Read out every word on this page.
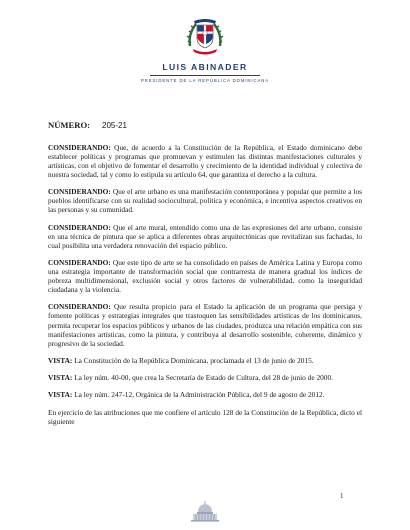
LUIS ABINADER
PRESIDENTE DE LA REPÚBLICA DOMINICANA
NÚMERO: 205-21

CONSIDERANDO: Que, de acuerdo a la Constitución de la República, el Estado dominicano debe establecer políticas y programas que promuevan y estimulen las distintas manifestaciones culturales y artísticas, con el objetivo de fomentar el desarrollo y crecimiento de la identidad individual y colectiva de nuestra sociedad, tal y como lo estipula su artículo 64, que garantiza el derecho a la cultura.

CONSIDERANDO: Que el arte urbano es una manifestación contemporánea y popular que permite a los pueblos identificarse con su realidad sociocultural, política y económica, e incentiva aspectos creativos en las personas y su comunidad.

CONSIDERANDO: Que el arte mural, entendido como una de las expresiones del arte urbano, consiste en una técnica de pintura que se aplica a diferentes obras arquitectónicas que revitalizan sus fachadas, lo cual posibilita una verdadera renovación del espacio público.

CONSIDERANDO: Que este tipo de arte se ha consolidado en países de América Latina y Europa como una estrategia importante de transformación social que contrarresta de manera gradual los índices de pobreza multidimensional, exclusión social y otros factores de vulnerabilidad, como la inseguridad ciudadana y la violencia.

CONSIDERANDO: Que resulta propicio para el Estado la aplicación de un programa que persiga y fomente políticas y estrategias integrales que trastoquen las sensibilidades artísticas de los dominicanos, permita recuperar los espacios públicos y urbanos de las ciudades, produzca una relación empática con sus manifestaciones artísticas, como la pintura, y contribuya al desarrollo sostenible, coherente, dinámico y progresivo de la sociedad.

VISTA: La Constitución de la República Dominicana, proclamada el 13 de junio de 2015.

VISTA: La ley núm. 40-00, que crea la Secretaría de Estado de Cultura, del 28 de junio de 2000.

VISTA: La ley núm. 247-12, Orgánica de la Administración Pública, del 9 de agosto de 2012.

En ejercicio de las atribuciones que me confiere el artículo 128 de la Constitución de la República, dicto el siguiente

1
